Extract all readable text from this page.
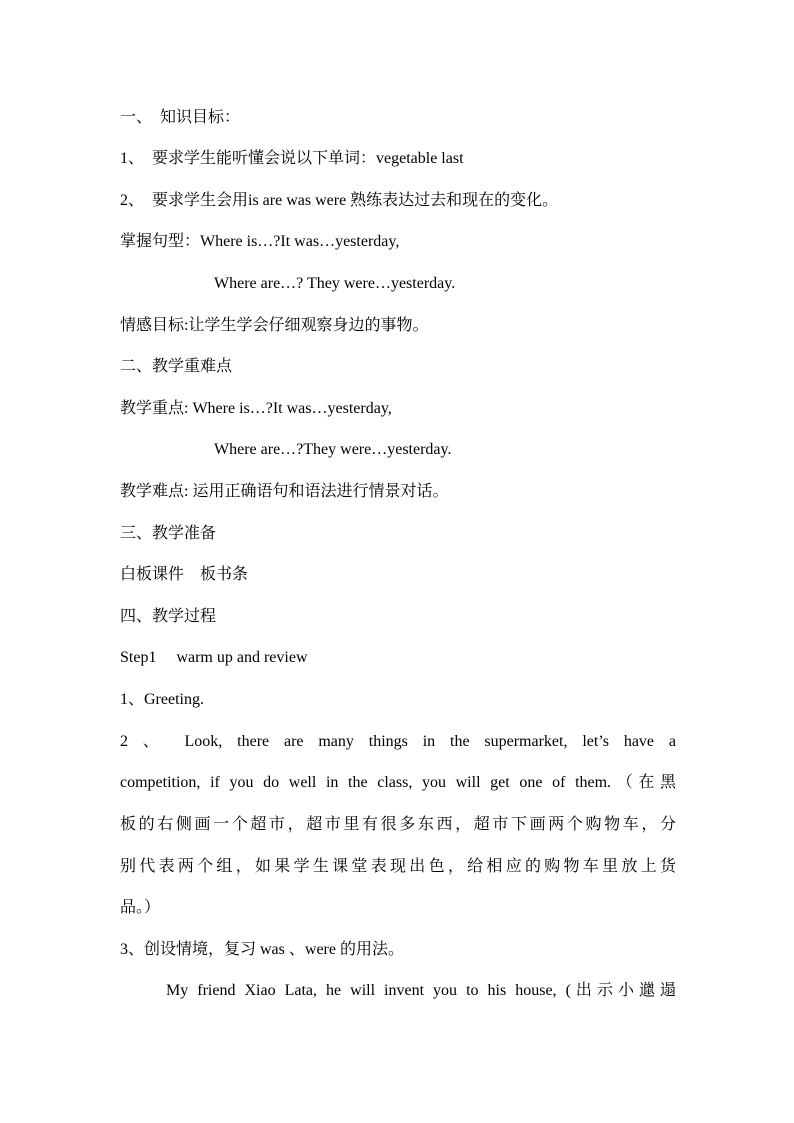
一、　知识目标：
1、　要求学生能听懂会说以下单词：vegetable last
2、　要求学生会用is are was were 熟练表达过去和现在的变化。
掌握句型：Where is…?It was…yesterday,
Where are…? They were…yesterday.
情感目标:让学生学会仔细观察身边的事物。
二、教学重难点
教学重点: Where is…?It was…yesterday,
Where are…?They were…yesterday.
教学难点: 运用正确语句和语法进行情景对话。
三、教学准备
白板课件　板书条
四、教学过程
Step1　 warm up and review
1、Greeting.
2 、 Look, there are many things in the supermarket, let’s have a
competition, if you do well in the class, you will get one of them.（在黑
板的右侧画一个超市，超市里有很多东西，超市下画两个购物车，分
别代表两个组，如果学生课堂表现出色，给相应的购物车里放上货
品。）
3、创设情境，复习 was 、were 的用法。
My friend Xiao Lata, he will invent you to his house, (出示小邋遢
